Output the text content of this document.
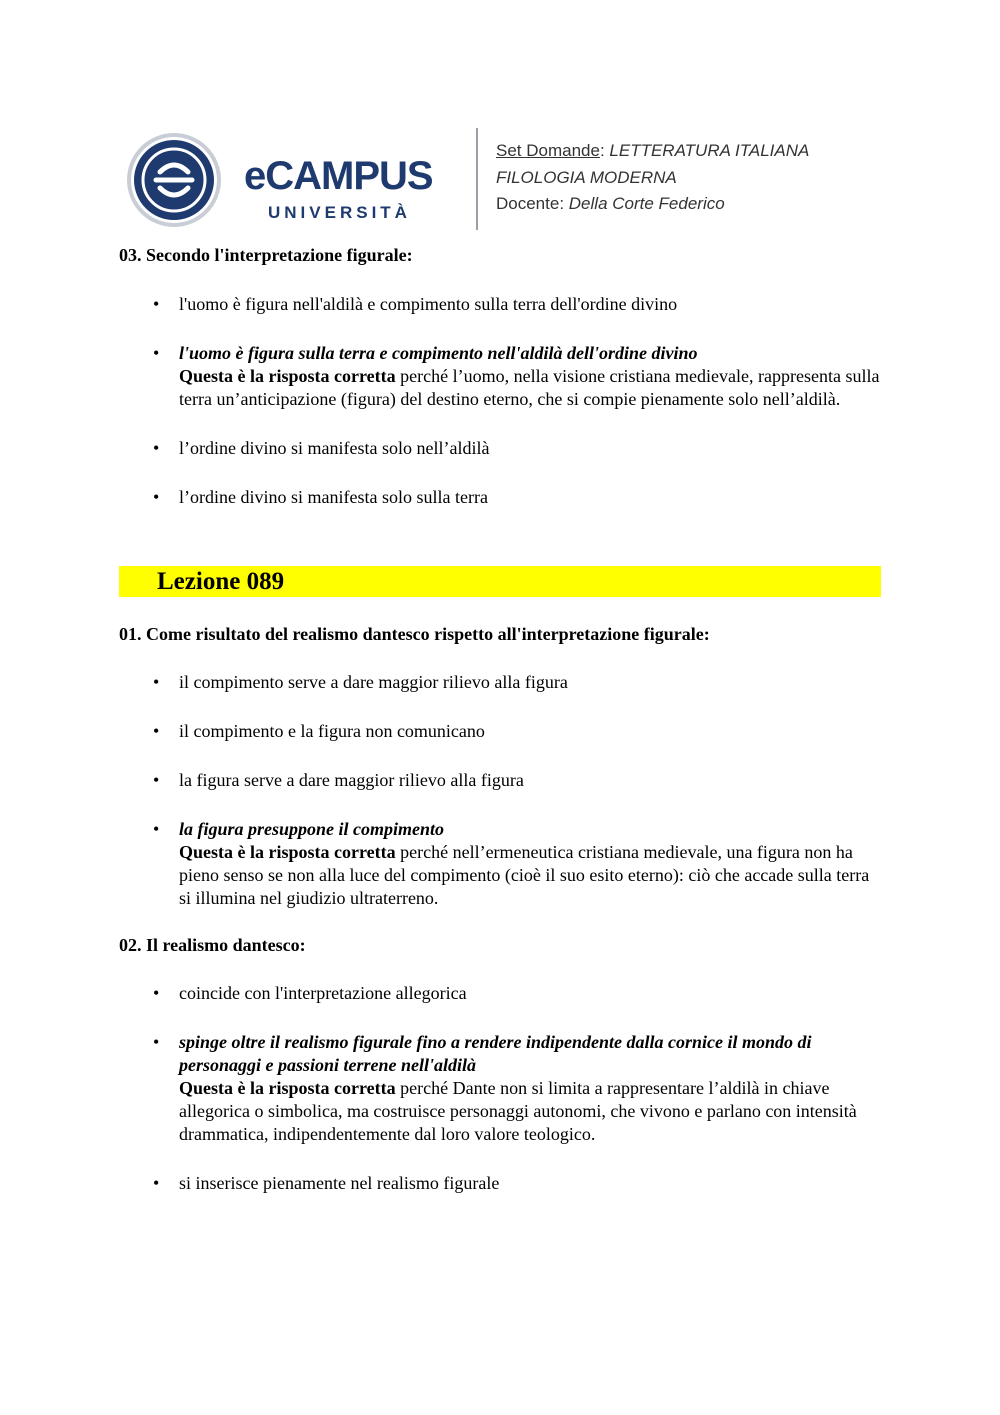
eCAMPUS
UNIVERSITÀ
Set Domande: LETTERATURA ITALIANA
FILOLOGIA MODERNA
Docente: Della Corte Federico

03. Secondo l'interpretazione figurale:

• l'uomo è figura nell'aldilà e compimento sulla terra dell'ordine divino
• l'uomo è figura sulla terra e compimento nell'aldilà dell'ordine divino
Questa è la risposta corretta perché l’uomo, nella visione cristiana medievale, rappresenta sulla terra un’anticipazione (figura) del destino eterno, che si compie pienamente solo nell’aldilà.
• l’ordine divino si manifesta solo nell’aldilà
• l’ordine divino si manifesta solo sulla terra
Lezione 089

01. Come risultato del realismo dantesco rispetto all'interpretazione figurale:

• il compimento serve a dare maggior rilievo alla figura
• il compimento e la figura non comunicano
• la figura serve a dare maggior rilievo alla figura
• la figura presuppone il compimento
Questa è la risposta corretta perché nell’ermeneutica cristiana medievale, una figura non ha pieno senso se non alla luce del compimento (cioè il suo esito eterno): ciò che accade sulla terra si illumina nel giudizio ultraterreno.

02. Il realismo dantesco:

• coincide con l'interpretazione allegorica
• spinge oltre il realismo figurale fino a rendere indipendente dalla cornice il mondo di personaggi e passioni terrene nell'aldilà
Questa è la risposta corretta perché Dante non si limita a rappresentare l’aldilà in chiave allegorica o simbolica, ma costruisce personaggi autonomi, che vivono e parlano con intensità drammatica, indipendentemente dal loro valore teologico.
• si inserisce pienamente nel realismo figurale
